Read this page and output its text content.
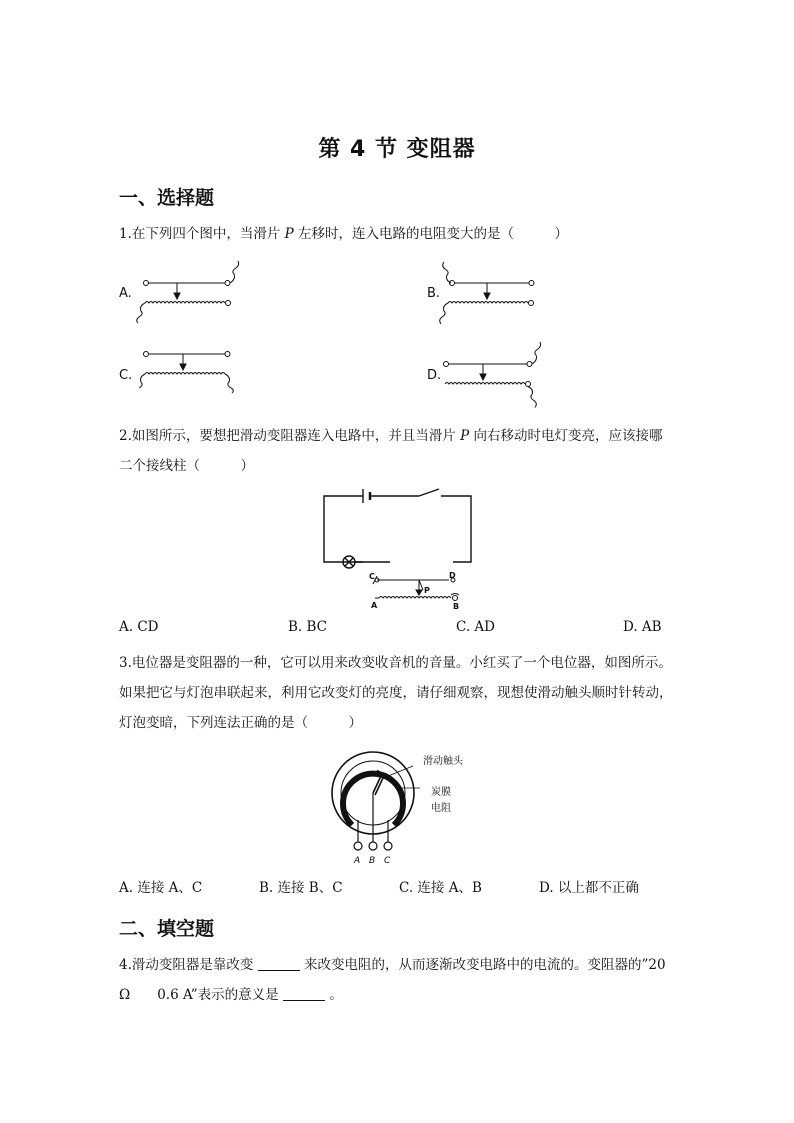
第 4 节 变阻器
一、选择题
1.在下列四个图中，当滑片 P 左移时，连入电路的电阻变大的是（　　　）
A.	B.
C.	D.
2.如图所示，要想把滑动变阻器连入电路中，并且当滑片 P 向右移动时电灯变亮，应该接哪
二个接线柱（　　　）
C	D
P
A	B
A. CD	B. BC	C. AD	D. AB
3.电位器是变阻器的一种，它可以用来改变收音机的音量。小红买了一个电位器，如图所示。
如果把它与灯泡串联起来，利用它改变灯的亮度，请仔细观察，现想使滑动触头顺时针转动，
灯泡变暗，下列连法正确的是（　　　）
滑动触头
炭膜
电阻
A B C
A. 连接 A、C	B. 连接 B、C	C. 连接 A、B	D. 以上都不正确
二、填空题
4.滑动变阻器是靠改变	来改变电阻的，从而逐渐改变电路中的电流的。变阻器的”20
Ω　　0.6 A”表示的意义是	。
